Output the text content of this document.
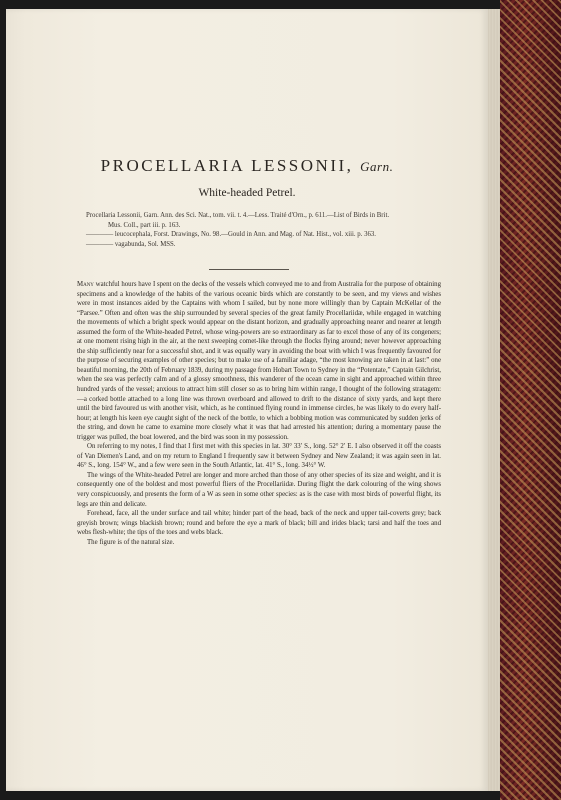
PROCELLARIA LESSONII, Garn.
White-headed Petrel.
Procellaria Lessonii, Garn. Ann. des Sci. Nat., tom. vii. t. 4.—Less. Traité d'Orn., p. 611.—List of Birds in Brit.
Mus. Coll., part iii. p. 163.
———— leucocephala, Forst. Drawings, No. 98.—Gould in Ann. and Mag. of Nat. Hist., vol. xiii. p. 363.
———— vagabunda, Sol. MSS.

Many watchful hours have I spent on the decks of the vessels which conveyed me to and from Australia for the purpose of obtaining specimens and a knowledge of the habits of the various oceanic birds which are constantly to be seen, and my views and wishes were in most instances aided by the Captains with whom I sailed, but by none more willingly than by Captain McKellar of the “Parsee.” Often and often was the ship surrounded by several species of the great family Procellariidæ, while engaged in watching the movements of which a bright speck would appear on the distant horizon, and gradually approaching nearer and nearer at length assumed the form of the White-headed Petrel, whose wing-powers are so extraordinary as far to excel those of any of its congeners; at one moment rising high in the air, at the next sweeping comet-like through the flocks flying around; never however approaching the ship sufficiently near for a successful shot, and it was equally wary in avoiding the boat with which I was frequently favoured for the purpose of securing examples of other species; but to make use of a familiar adage, “the most knowing are taken in at last:” one beautiful morning, the 20th of February 1839, during my passage from Hobart Town to Sydney in the “Potentate,” Captain Gilchrist, when the sea was perfectly calm and of a glossy smoothness, this wanderer of the ocean came in sight and approached within three hundred yards of the vessel; anxious to attract him still closer so as to bring him within range, I thought of the following stratagem:—a corked bottle attached to a long line was thrown overboard and allowed to drift to the distance of sixty yards, and kept there until the bird favoured us with another visit, which, as he continued flying round in immense circles, he was likely to do every half-hour; at length his keen eye caught sight of the neck of the bottle, to which a bobbing motion was communicated by sudden jerks of the string, and down he came to examine more closely what it was that had arrested his attention; during a momentary pause the trigger was pulled, the boat lowered, and the bird was soon in my possession.

On referring to my notes, I find that I first met with this species in lat. 30° 33′ S., long. 52° 2′ E. I also observed it off the coasts of Van Diemen's Land, and on my return to England I frequently saw it between Sydney and New Zealand; it was again seen in lat. 46° S., long. 154° W., and a few were seen in the South Atlantic, lat. 41° S., long. 34½° W.

The wings of the White-headed Petrel are longer and more arched than those of any other species of its size and weight, and it is consequently one of the boldest and most powerful fliers of the Procellariidæ. During flight the dark colouring of the wing shows very conspicuously, and presents the form of a W as seen in some other species: as is the case with most birds of powerful flight, its legs are thin and delicate.

Forehead, face, all the under surface and tail white; hinder part of the head, back of the neck and upper tail-coverts grey; back greyish brown; wings blackish brown; round and before the eye a mark of black; bill and irides black; tarsi and half the toes and webs flesh-white; the tips of the toes and webs black.

The figure is of the natural size.
